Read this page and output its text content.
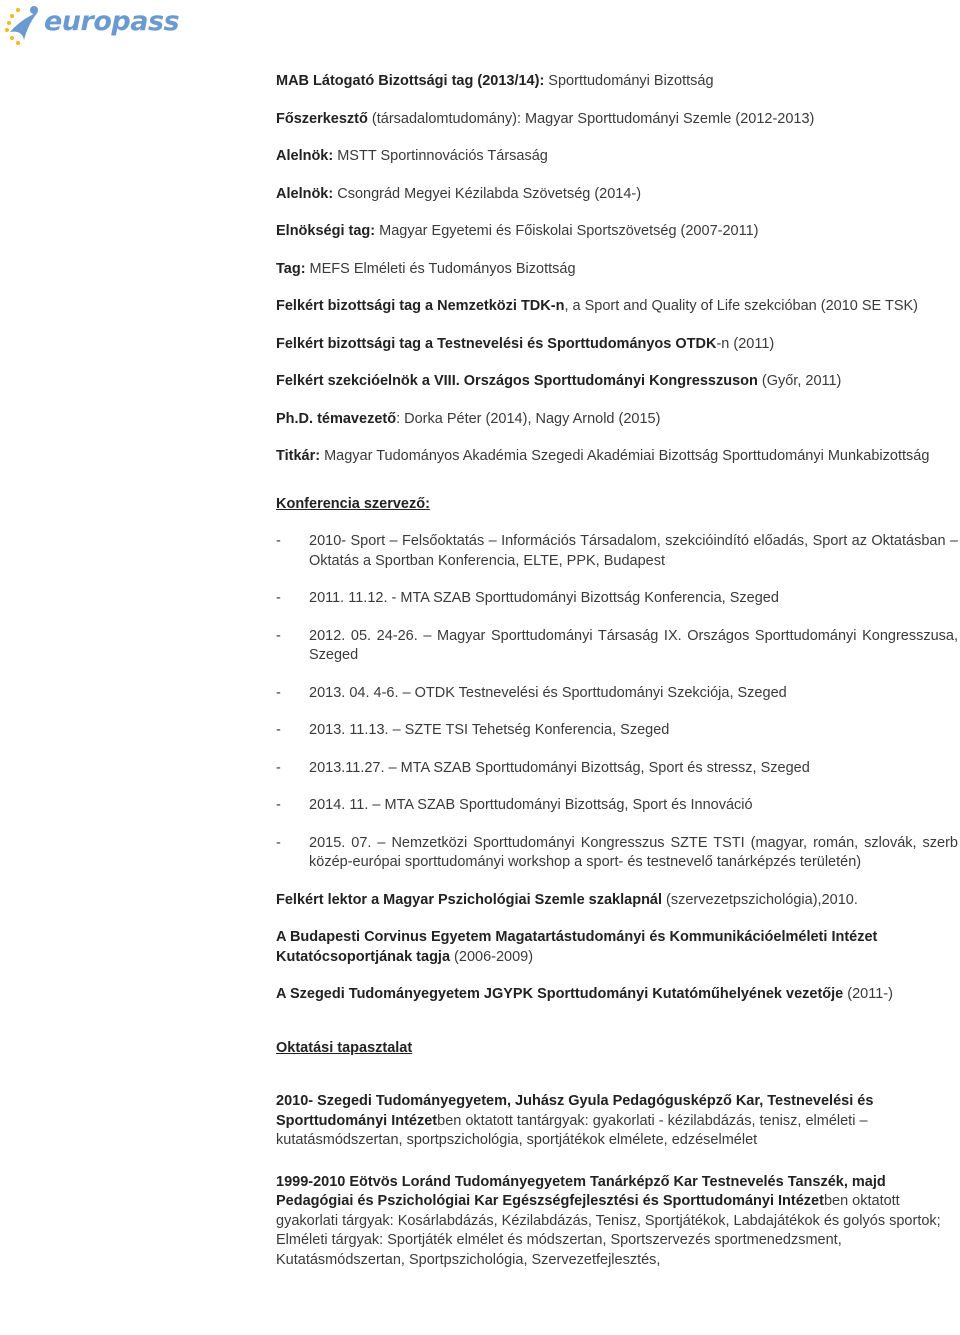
europass

MAB Látogató Bizottsági tag (2013/14): Sporttudományi Bizottság

Főszerkesztő (társadalomtudomány): Magyar Sporttudományi Szemle (2012-2013)

Alelnök: MSTT Sportinnovációs Társaság

Alelnök: Csongrád Megyei Kézilabda Szövetség (2014-)

Elnökségi tag: Magyar Egyetemi és Főiskolai Sportszövetség (2007-2011)

Tag: MEFS Elméleti és Tudományos Bizottság

Felkért bizottsági tag a Nemzetközi TDK-n, a Sport and Quality of Life szekcióban (2010 SE TSK)

Felkért bizottsági tag a Testnevelési és Sporttudományos OTDK-n (2011)

Felkért szekcióelnök a VIII. Országos Sporttudományi Kongresszuson (Győr, 2011)

Ph.D. témavezető: Dorka Péter (2014), Nagy Arnold (2015)

Titkár: Magyar Tudományos Akadémia Szegedi Akadémiai Bizottság Sporttudományi Munkabizottság

Konferencia szervező:

-	2010- Sport – Felsőoktatás – Információs Társadalom, szekcióindító előadás, Sport az Oktatásban – Oktatás a Sportban Konferencia, ELTE, PPK, Budapest
-	2011. 11.12. - MTA SZAB Sporttudományi Bizottság Konferencia, Szeged
-	2012. 05. 24-26. – Magyar Sporttudományi Társaság IX. Országos Sporttudományi Kongresszusa, Szeged
-	2013. 04. 4-6. – OTDK Testnevelési és Sporttudományi Szekciója, Szeged
-	2013. 11.13. – SZTE TSI Tehetség Konferencia, Szeged
-	2013.11.27. – MTA SZAB Sporttudományi Bizottság, Sport és stressz, Szeged
-	2014. 11. – MTA SZAB Sporttudományi Bizottság, Sport és Innováció
-	2015. 07. – Nemzetközi Sporttudományi Kongresszus SZTE TSTI (magyar, román, szlovák, szerb közép-európai sporttudományi workshop a sport- és testnevelő tanárképzés területén)

Felkért lektor a Magyar Pszichológiai Szemle szaklapnál (szervezetpszichológia),2010.

A Budapesti Corvinus Egyetem Magatartástudományi és Kommunikációelméleti Intézet Kutatócsoportjának tagja (2006-2009)

A Szegedi Tudományegyetem JGYPK Sporttudományi Kutatóműhelyének vezetője (2011-)

Oktatási tapasztalat

2010- Szegedi Tudományegyetem, Juhász Gyula Pedagógusképző Kar, Testnevelési és Sporttudományi Intézetben oktatott tantárgyak: gyakorlati - kézilabdázás, tenisz, elméleti – kutatásmódszertan, sportpszichológia, sportjátékok elmélete, edzéselmélet

1999-2010 Eötvös Loránd Tudományegyetem Tanárképző Kar Testnevelés Tanszék, majd Pedagógiai és Pszichológiai Kar Egészségfejlesztési és Sporttudományi Intézetben oktatott gyakorlati tárgyak: Kosárlabdázás, Kézilabdázás, Tenisz, Sportjátékok, Labdajátékok és golyós sportok; Elméleti tárgyak: Sportjáték elmélet és módszertan, Sportszervezés sportmenedzsment, Kutatásmódszertan, Sportpszichológia, Szervezetfejlesztés,
